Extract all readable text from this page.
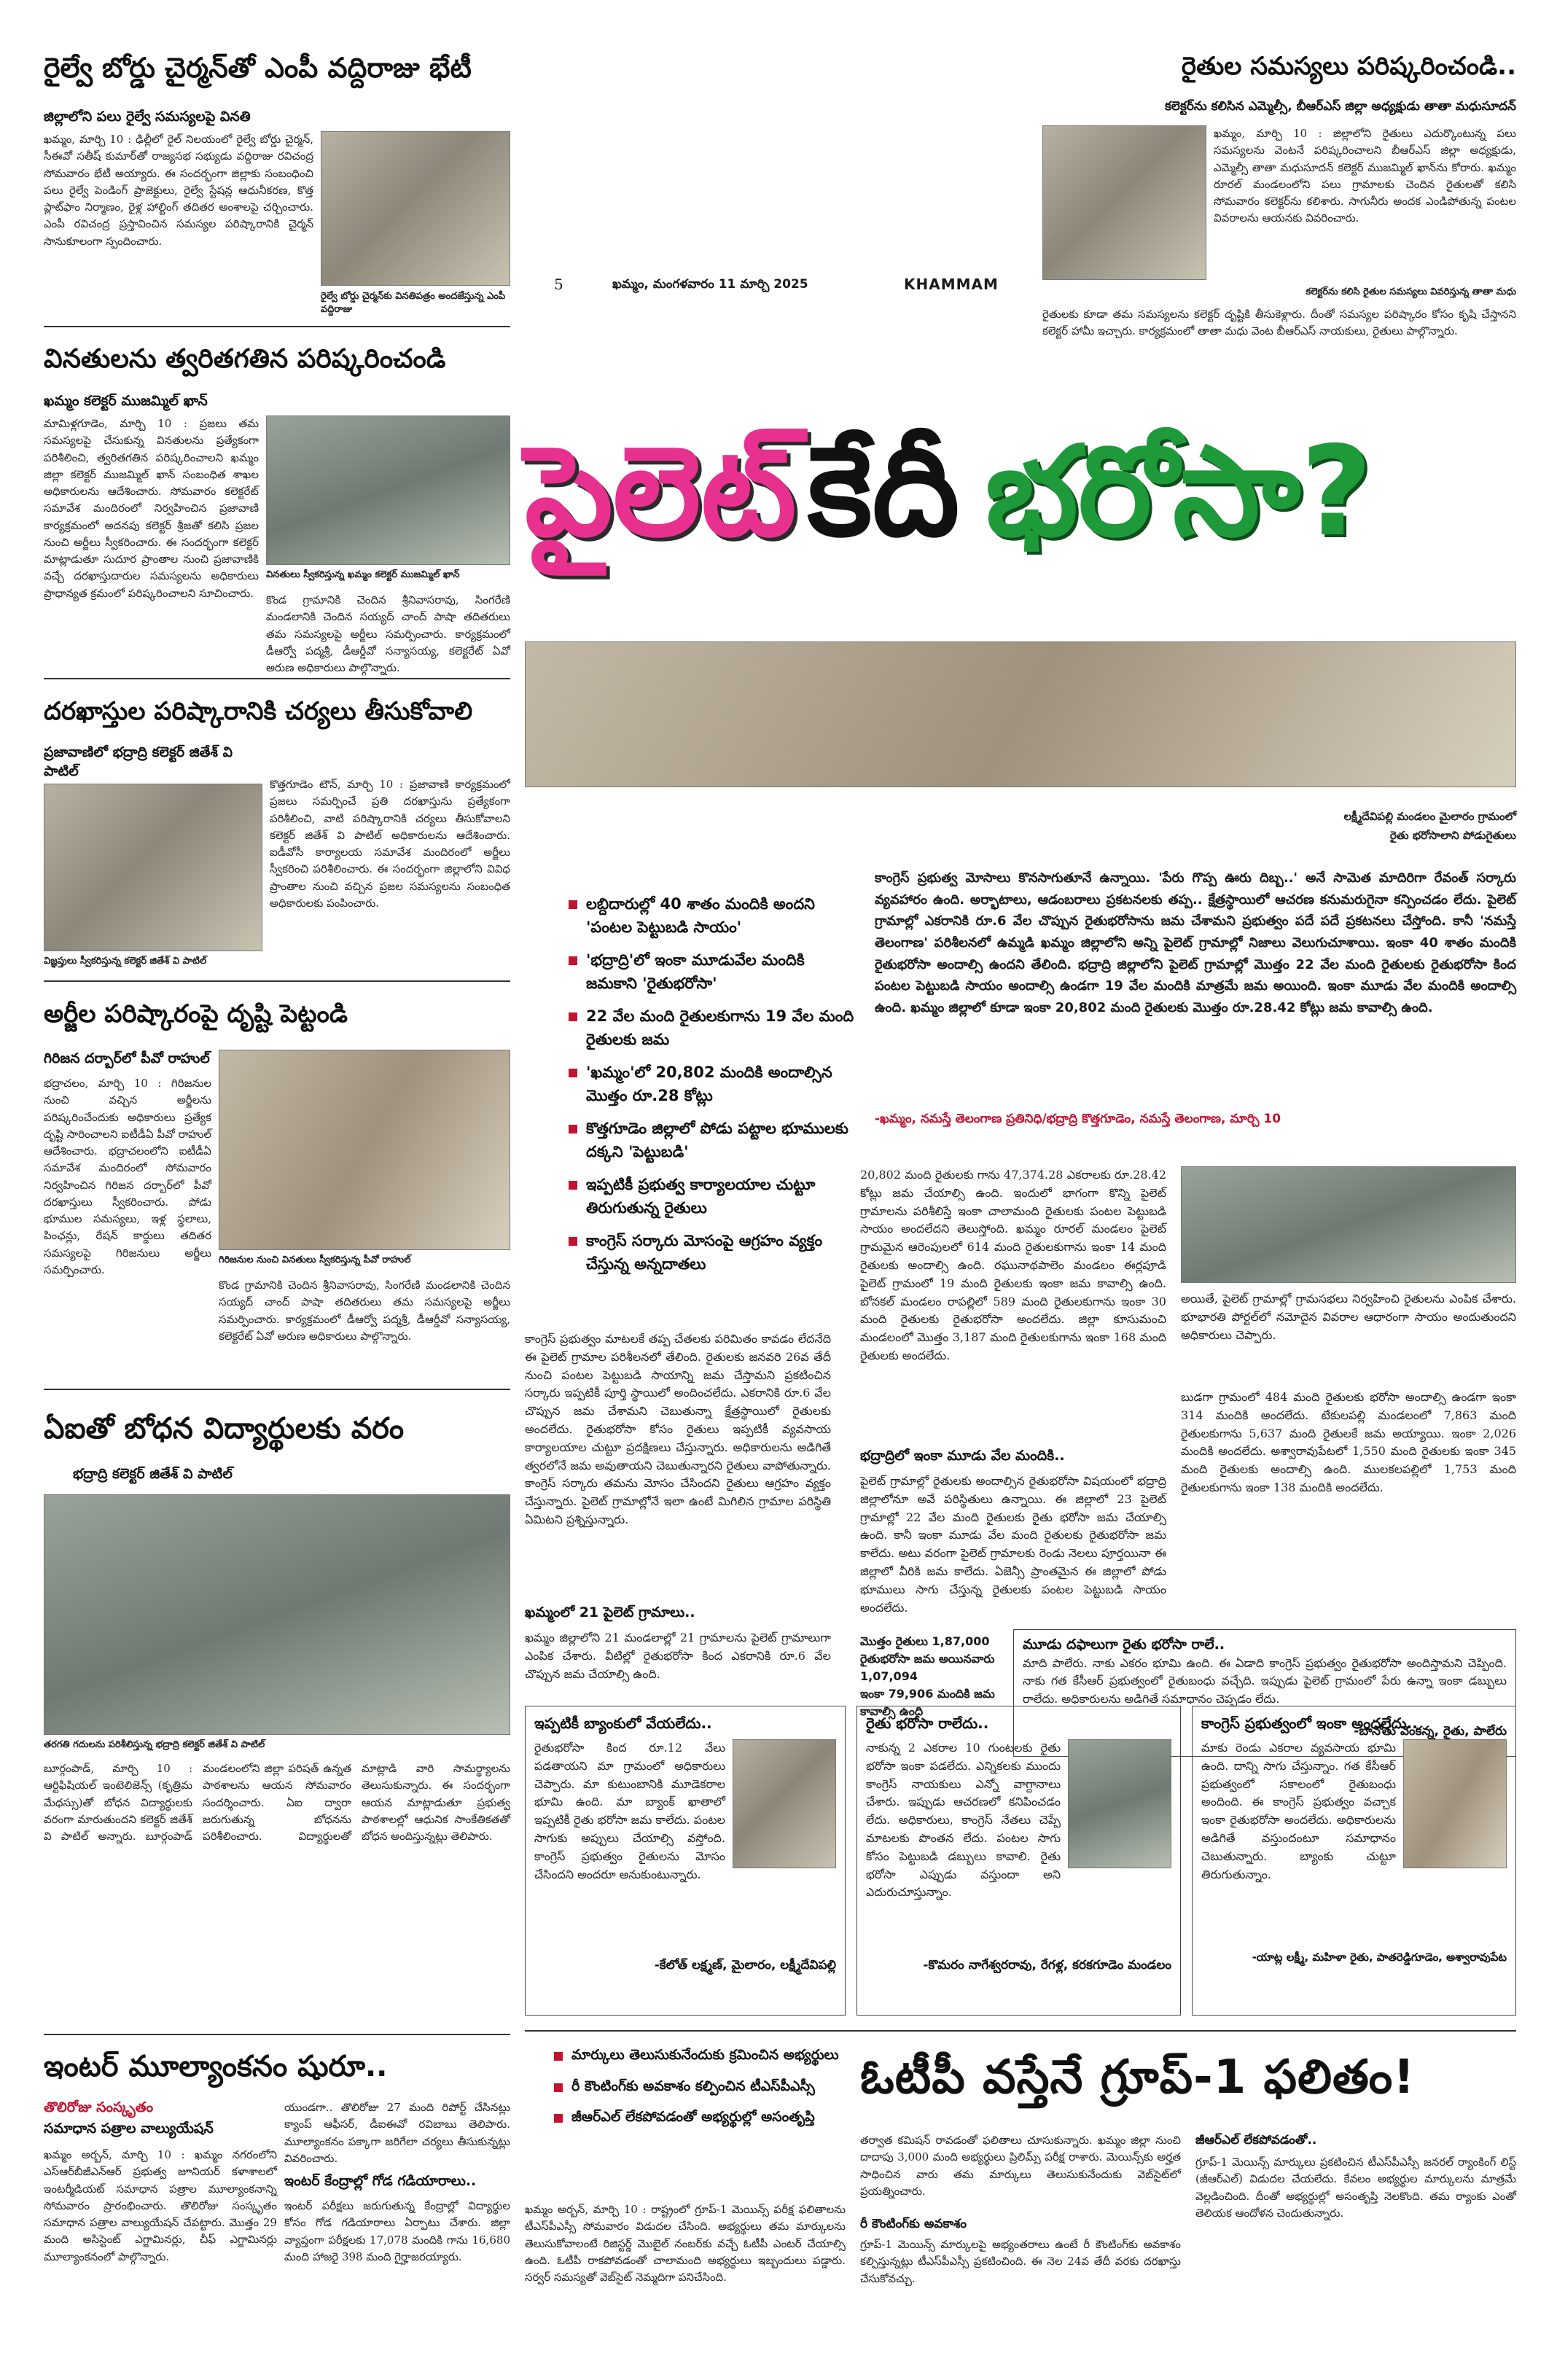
5	ఖమ్మం, మంగళవారం 11 మార్చి 2025	KHAMMAM
రైల్వే బోర్డు చైర్మన్‌తో ఎంపీ వద్దిరాజు భేటీ
జిల్లాలోని పలు రైల్వే సమస్యలపై వినతి
ఖమ్మం, మార్చి 10 : ఢిల్లీలో రైల్ నిలయంలో రైల్వే బోర్డు చైర్మన్, సీఈవో సతీష్ కుమార్‌తో రాజ్యసభ సభ్యుడు వద్దిరాజు రవిచంద్ర సోమవారం భేటీ అయ్యారు. ఈ సందర్భంగా జిల్లాకు సంబంధించి పలు రైల్వే పెండింగ్ ప్రాజెక్టులు, రైల్వే స్టేషన్ల ఆధునీకరణ, కొత్త ప్లాట్‌ఫాం నిర్మాణం, రైళ్ల హాల్టింగ్ తదితర అంశాలపై చర్చించారు. ఎంపీ రవిచంద్ర ప్రస్తావించిన సమస్యల పరిష్కారానికి చైర్మన్ సానుకూలంగా స్పందించారు.
రైల్వే బోర్డు చైర్మన్‌కు వినతిపత్రం అందజేస్తున్న ఎంపీ వద్దిరాజు
వినతులను త్వరితగతిన పరిష్కరించండి
ఖమ్మం కలెక్టర్ ముజమ్మిల్ ఖాన్
మామిళ్లగూడెం, మార్చి 10 : ప్రజలు తమ సమస్యలపై చేసుకున్న వినతులను ప్రత్యేకంగా పరిశీలించి, త్వరితగతిన పరిష్కరించాలని ఖమ్మం జిల్లా కలెక్టర్ ముజమ్మిల్ ఖాన్ సంబంధిత శాఖల అధికారులను ఆదేశించారు. సోమవారం కలెక్టరేట్ సమావేశ మందిరంలో నిర్వహించిన ప్రజావాణి కార్యక్రమంలో అదనపు కలెక్టర్ శ్రీజతో కలిసి ప్రజల నుంచి అర్జీలు స్వీకరించారు. ఈ సందర్భంగా కలెక్టర్ మాట్లాడుతూ సుదూర ప్రాంతాల నుంచి ప్రజావాణికి వచ్చే దరఖాస్తుదారుల సమస్యలను అధికారులు ప్రాధాన్యత క్రమంలో పరిష్కరించాలని సూచించారు.
వినతులు స్వీకరిస్తున్న ఖమ్మం కలెక్టర్ ముజమ్మిల్ ఖాన్
కొండ గ్రామానికి చెందిన శ్రీనివాసరావు, సింగరేణి మండలానికి చెందిన సయ్యద్ చాంద్ పాషా తదితరులు తమ సమస్యలపై అర్జీలు సమర్పించారు. కార్యక్రమంలో డీఆర్వో పద్మశ్రీ, డీఆర్డీవో సన్యాసయ్య, కలెక్టరేట్ ఏవో అరుణ అధికారులు పాల్గొన్నారు.
దరఖాస్తుల పరిష్కారానికి చర్యలు తీసుకోవాలి
ప్రజావాణిలో భద్రాద్రి కలెక్టర్ జితేశ్ వి పాటిల్
విజ్ఞప్తులు స్వీకరిస్తున్న కలెక్టర్ జితేశ్ వి పాటిల్
కొత్తగూడెం టౌన్, మార్చి 10 : ప్రజావాణి కార్యక్రమంలో ప్రజలు సమర్పించే ప్రతి దరఖాస్తును ప్రత్యేకంగా పరిశీలించి, వాటి పరిష్కారానికి చర్యలు తీసుకోవాలని కలెక్టర్ జితేశ్ వి పాటిల్ అధికారులను ఆదేశించారు. ఐడీవోసీ కార్యాలయ సమావేశ మందిరంలో అర్జీలు స్వీకరించి పరిశీలించారు. ఈ సందర్భంగా జిల్లాలోని వివిధ ప్రాంతాల నుంచి వచ్చిన ప్రజల సమస్యలను సంబంధిత అధికారులకు పంపించారు.
అర్జీల పరిష్కారంపై దృష్టి పెట్టండి
గిరిజన దర్బార్‌లో పీవో రాహుల్
భద్రాచలం, మార్చి 10 : గిరిజనుల నుంచి వచ్చిన అర్జీలను పరిష్కరించేందుకు అధికారులు ప్రత్యేక దృష్టి సారించాలని ఐటీడీఏ పీవో రాహుల్ ఆదేశించారు. భద్రాచలంలోని ఐటీడీఏ సమావేశ మందిరంలో సోమవారం నిర్వహించిన గిరిజన దర్బార్‌లో పీవో దరఖాస్తులు స్వీకరించారు. పోడు భూముల సమస్యలు, ఇళ్ల స్థలాలు, పింఛన్లు, రేషన్ కార్డులు తదితర సమస్యలపై గిరిజనులు అర్జీలు సమర్పించారు.
గిరిజనుల నుంచి వినతులు స్వీకరిస్తున్న పీవో రాహుల్
కొండ గ్రామానికి చెందిన శ్రీనివాసరావు, సింగరేణి మండలానికి చెందిన సయ్యద్ చాంద్ పాషా తదితరులు తమ సమస్యలపై అర్జీలు సమర్పించారు. కార్యక్రమంలో డీఆర్వో పద్మశ్రీ, డీఆర్డీవో సన్యాసయ్య, కలెక్టరేట్ ఏవో అరుణ అధికారులు పాల్గొన్నారు.
ఏఐతో బోధన విద్యార్థులకు వరం
భద్రాద్రి కలెక్టర్ జితేశ్ వి పాటిల్
తరగతి గదులను పరిశీలిస్తున్న భద్రాద్రి కలెక్టర్ జితేశ్ వి పాటిల్
బూర్గంపాడ్, మార్చి 10 : ఆర్టిఫిషియల్ ఇంటెలిజెన్స్ (కృత్రిమ మేధస్సు)తో బోధన విద్యార్థులకు వరంగా మారుతుందని కలెక్టర్ జితేశ్ వి పాటిల్ అన్నారు. బూర్గంపాడ్ మండలంలోని జిల్లా పరిషత్ ఉన్నత పాఠశాలను ఆయన సోమవారం సందర్శించారు. ఏఐ ద్వారా జరుగుతున్న బోధనను పరిశీలించారు. విద్యార్థులతో మాట్లాడి వారి సామర్థ్యాలను తెలుసుకున్నారు. ఈ సందర్భంగా ఆయన మాట్లాడుతూ ప్రభుత్వ పాఠశాలల్లో ఆధునిక సాంకేతికతతో బోధన అందిస్తున్నట్లు తెలిపారు.
ఇంటర్ మూల్యాంకనం షురూ..
తొలిరోజు సంస్కృతం
సమాధాన పత్రాల వాల్యుయేషన్
ఖమ్మం అర్బన్, మార్చి 10 : ఖమ్మం నగరంలోని ఎస్‌ఆర్‌బీజీఎన్ఆర్ ప్రభుత్వ జూనియర్ కళాశాలలో ఇంటర్మీడియట్ సమాధాన పత్రాల మూల్యాంకనాన్ని సోమవారం ప్రారంభించారు. తొలిరోజు సంస్కృతం సమాధాన పత్రాల వాల్యుయేషన్ చేపట్టారు. మొత్తం 29 మంది అసిస్టెంట్ ఎగ్జామినర్లు, చీఫ్ ఎగ్జామినర్లు మూల్యాంకనంలో పాల్గొన్నారు.
యుండగా.. తొలిరోజు 27 మంది రిపోర్ట్ చేసినట్లు క్యాంప్ ఆఫీసర్, డీఐఈవో రవిబాబు తెలిపారు. మూల్యాంకనం పక్కాగా జరిగేలా చర్యలు తీసుకున్నట్లు వివరించారు.
ఇంటర్ కేంద్రాల్లో గోడ గడియారాలు..
ఇంటర్ పరీక్షలు జరుగుతున్న కేంద్రాల్లో విద్యార్థుల కోసం గోడ గడియారాలు ఏర్పాటు చేశారు. జిల్లా వ్యాప్తంగా పరీక్షలకు 17,078 మందికి గాను 16,680 మంది హాజరై 398 మంది గైర్హాజరయ్యారు.
రైతుల సమస్యలు పరిష్కరించండి..
కలెక్టర్‌ను కలిసిన ఎమ్మెల్సీ, బీఆర్ఎస్ జిల్లా అధ్యక్షుడు తాతా మధుసూదన్
ఖమ్మం, మార్చి 10 : జిల్లాలోని రైతులు ఎదుర్కొంటున్న పలు సమస్యలను వెంటనే పరిష్కరించాలని బీఆర్ఎస్ జిల్లా అధ్యక్షుడు, ఎమ్మెల్సీ తాతా మధుసూదన్ కలెక్టర్ ముజమ్మిల్ ఖాన్‌ను కోరారు. ఖమ్మం రూరల్ మండలంలోని పలు గ్రామాలకు చెందిన రైతులతో కలిసి సోమవారం కలెక్టర్‌ను కలిశారు. సాగునీరు అందక ఎండిపోతున్న పంటల వివరాలను ఆయనకు వివరించారు.
కలెక్టర్‌ను కలిసి రైతుల సమస్యలు వివరిస్తున్న తాతా మధు
రైతులకు కూడా తమ సమస్యలను కలెక్టర్ దృష్టికి తీసుకెళ్లారు. దీంతో సమస్యల పరిష్కారం కోసం కృషి చేస్తానని కలెక్టర్ హామీ ఇచ్చారు. కార్యక్రమంలో తాతా మధు వెంట బీఆర్ఎస్ నాయకులు, రైతులు పాల్గొన్నారు.
పైలెట్ కేదీ భరోసా?
లక్ష్మీదేవిపల్లి మండలం మైలారం గ్రామంలో
రైతు భరోసాలాని పోడుగైతులు
లబ్దిదారుల్లో 40 శాతం మందికి అందని 'పంటల పెట్టుబడి సాయం'
'భద్రాద్రి'లో ఇంకా మూడువేల మందికి జమకాని 'రైతుభరోసా'
22 వేల మంది రైతులకుగాను 19 వేల మంది రైతులకు జమ
'ఖమ్మం'లో 20,802 మందికి అందాల్సిన మొత్తం రూ.28 కోట్లు
కొత్తగూడెం జిల్లాలో పోడు పట్టాల భూములకు దక్కని 'పెట్టుబడి'
ఇప్పటికీ ప్రభుత్వ కార్యాలయాల చుట్టూ తిరుగుతున్న రైతులు
కాంగ్రెస్ సర్కారు మోసంపై ఆగ్రహం వ్యక్తం చేస్తున్న అన్నదాతలు
కాంగ్రెస్ ప్రభుత్వ మోసాలు కొనసాగుతూనే ఉన్నాయి. 'పేరు గొప్ప ఊరు దిబ్బ..' అనే సామెత మాదిరిగా రేవంత్ సర్కారు వ్యవహారం ఉంది. అర్భాటాలు, ఆడంబరాలు ప్రకటనలకు తప్ప.. క్షేత్రస్థాయిలో ఆచరణ కనుమరుగైనా కన్పించడం లేదు. పైలెట్ గ్రామాల్లో ఎకరానికి రూ.6 వేల చొప్పున రైతుభరోసాను జమ చేశామని ప్రభుత్వం పదే పదే ప్రకటనలు చేస్తోంది. కానీ 'నమస్తే తెలంగాణ' పరిశీలనలో ఉమ్మడి ఖమ్మం జిల్లాలోని అన్ని పైలెట్ గ్రామాల్లో నిజాలు వెలుగుచూశాయి. ఇంకా 40 శాతం మందికి రైతుభరోసా అందాల్సి ఉందని తేలింది. భద్రాద్రి జిల్లాలోని పైలెట్ గ్రామాల్లో మొత్తం 22 వేల మంది రైతులకు రైతుభరోసా కింద పంటల పెట్టుబడి సాయం అందాల్సి ఉండగా 19 వేల మందికి మాత్రమే జమ అయింది. ఇంకా మూడు వేల మందికి అందాల్సి ఉంది. ఖమ్మం జిల్లాలో కూడా ఇంకా 20,802 మంది రైతులకు మొత్తం రూ.28.42 కోట్లు జమ కావాల్సి ఉంది.
-ఖమ్మం, నమస్తే తెలంగాణ ప్రతినిధి/భద్రాద్రి కొత్తగూడెం, నమస్తే తెలంగాణ, మార్చి 10
కాంగ్రెస్ ప్రభుత్వం మాటలకే తప్ప చేతలకు పరిమితం కావడం లేదనేది ఈ పైలెట్ గ్రామాల పరిశీలనలో తేలింది. రైతులకు జనవరి 26వ తేదీ నుంచి పంటల పెట్టుబడి సాయాన్ని జమ చేస్తామని ప్రకటించిన సర్కారు ఇప్పటికీ పూర్తి స్థాయిలో అందించలేదు. ఎకరానికి రూ.6 వేల చొప్పున జమ చేశామని చెబుతున్నా క్షేత్రస్థాయిలో రైతులకు అందలేదు. రైతుభరోసా కోసం రైతులు ఇప్పటికీ వ్యవసాయ కార్యాలయాల చుట్టూ ప్రదక్షిణలు చేస్తున్నారు. అధికారులను అడిగితే త్వరలోనే జమ అవుతాయని చెబుతున్నారని రైతులు వాపోతున్నారు. కాంగ్రెస్ సర్కారు తమను మోసం చేసిందని రైతులు ఆగ్రహం వ్యక్తం చేస్తున్నారు. పైలెట్ గ్రామాల్లోనే ఇలా ఉంటే మిగిలిన గ్రామాల పరిస్థితి ఏమిటని ప్రశ్నిస్తున్నారు.
ఖమ్మంలో 21 పైలెట్ గ్రామాలు..
ఖమ్మం జిల్లాలోని 21 మండలాల్లో 21 గ్రామాలను పైలెట్ గ్రామాలుగా ఎంపిక చేశారు. వీటిల్లో రైతుభరోసా కింద ఎకరానికి రూ.6 వేల చొప్పున జమ చేయాల్సి ఉంది.
20,802 మంది రైతులకు గాను 47,374.28 ఎకరాలకు రూ.28.42 కోట్లు జమ చేయాల్సి ఉంది. ఇందులో భాగంగా కొన్ని పైలెట్ గ్రామాలను పరిశీలిస్తే ఇంకా చాలామంది రైతులకు పంటల పెట్టుబడి సాయం అందలేదని తెలుస్తోంది. ఖమ్మం రూరల్ మండలం పైలెట్ గ్రామమైన ఆరెంపులలో 614 మంది రైతులకుగాను ఇంకా 14 మంది రైతులకు అందాల్సి ఉంది. రఘునాథపాలెం మండలం ఈర్లపూడి పైలెట్ గ్రామంలో 19 మంది రైతులకు ఇంకా జమ కావాల్సి ఉంది. బోనకల్ మండలం రాపల్లిలో 589 మంది రైతులకుగాను ఇంకా 30 మంది రైతులకు రైతుభరోసా అందలేదు. జిల్లా కూసుమంచి మండలంలో మొత్తం 3,187 మంది రైతులకుగాను ఇంకా 168 మంది రైతులకు అందలేదు.
భద్రాద్రిలో ఇంకా మూడు వేల మందికి..
పైలెట్ గ్రామాల్లో రైతులకు అందాల్సిన రైతుభరోసా విషయంలో భద్రాద్రి జిల్లాలోనూ అవే పరిస్థితులు ఉన్నాయి. ఈ జిల్లాలో 23 పైలెట్ గ్రామాల్లో 22 వేల మంది రైతులకు రైతు భరోసా జమ చేయాల్సి ఉంది. కానీ ఇంకా మూడు వేల మంది రైతులకు రైతుభరోసా జమ కాలేదు. అటు వరంగా పైలెట్ గ్రామాలకు రెండు నెలలు పూర్తయినా ఈ జిల్లాలో వీరికి జమ కాలేదు. ఏజెన్సీ ప్రాంతమైన ఈ జిల్లాలో పోడు భూములు సాగు చేస్తున్న రైతులకు పంటల పెట్టుబడి సాయం అందలేదు.
మొత్తం రైతులు 1,87,000
రైతుభరోసా జమ అయినవారు 1,07,094
ఇంకా 79,906 మందికి జమ కావాల్సి ఉంది
అయితే, పైలెట్ గ్రామాల్లో గ్రామసభలు నిర్వహించి రైతులను ఎంపిక చేశారు. భూభారతి పోర్టల్‌లో నమోదైన వివరాల ఆధారంగా సాయం అందుతుందని అధికారులు చెప్పారు.
బుడగా గ్రామంలో 484 మంది రైతులకు భరోసా అందాల్సి ఉండగా ఇంకా 314 మందికి అందలేదు. టేకులపల్లి మండలంలో 7,863 మంది రైతులకుగాను 5,637 మంది రైతులకే జమ అయ్యాయి. ఇంకా 2,026 మందికి అందలేదు. అశ్వారావుపేటలో 1,550 మంది రైతులకు ఇంకా 345 మంది రైతులకు అందాల్సి ఉంది. ములకలపల్లిలో 1,753 మంది రైతులకుగాను ఇంకా 138 మందికి అందలేదు.
మూడు దఫాలుగా రైతు భరోసా రాలే..
మాది పాలేరు. నాకు ఎకరం భూమి ఉంది. ఈ ఏడాది కాంగ్రెస్ ప్రభుత్వం రైతుభరోసా అందిస్తామని చెప్పింది. నాకు గత కేసీఆర్ ప్రభుత్వంలో రైతుబంధు వచ్చేది. ఇప్పుడు పైలెట్ గ్రామంలో పేరు ఉన్నా ఇంకా డబ్బులు రాలేదు. అధికారులను అడిగితే సమాధానం చెప్పడం లేదు.
-బానోతు వెంకన్న, రైతు, పాలేరు
ఇప్పటికీ బ్యాంకులో వేయలేదు..
రైతుభరోసా కింద రూ.12 వేలు పడతాయని మా గ్రామంలో అధికారులు చెప్పారు. మా కుటుంబానికి మూడెకరాల భూమి ఉంది. మా బ్యాంక్ ఖాతాలో ఇప్పటికీ రైతు భరోసా జమ కాలేదు. పంటల సాగుకు అప్పులు చేయాల్సి వస్తోంది. కాంగ్రెస్ ప్రభుత్వం రైతులను మోసం చేసిందని అందరూ అనుకుంటున్నారు.
-కేలోత్ లక్ష్మణ్, మైలారం, లక్ష్మీదేవిపల్లి
రైతు భరోసా రాలేదు..
నాకున్న 2 ఎకరాల 10 గుంటలకు రైతు భరోసా ఇంకా పడలేదు. ఎన్నికలకు ముందు కాంగ్రెస్ నాయకులు ఎన్నో వాగ్దానాలు చేశారు. ఇప్పుడు ఆచరణలో కనిపించడం లేదు. అధికారులు, కాంగ్రెస్ నేతలు చెప్పే మాటలకు పొంతన లేదు. పంటల సాగు కోసం పెట్టుబడి డబ్బులు కావాలి. రైతు భరోసా ఎప్పుడు వస్తుందా అని ఎదురుచూస్తున్నాం.
-కొమరం నాగేశ్వరరావు, రేగళ్ల, కరకగూడెం మండలం
కాంగ్రెస్ ప్రభుత్వంలో ఇంకా అందలేదు..
మాకు రెండు ఎకరాల వ్యవసాయ భూమి ఉంది. దాన్ని సాగు చేస్తున్నాం. గత కేసీఆర్ ప్రభుత్వంలో సకాలంలో రైతుబంధు అందింది. ఈ కాంగ్రెస్ ప్రభుత్వం వచ్చాక ఇంకా రైతుభరోసా అందలేదు. అధికారులను అడిగితే వస్తుందంటూ సమాధానం చెబుతున్నారు. బ్యాంకు చుట్టూ తిరుగుతున్నాం.
-యాట్ల లక్ష్మీ, మహిళా రైతు, పాతరెడ్డిగూడెం, అశ్వారావుపేట
మార్కులు తెలుసుకునేందుకు క్రమించిన అభ్యర్థులు
రీ కౌంటింగ్‌కు అవకాశం కల్పించిన టీఎస్‌పీఎస్సీ
జీఆర్ఎల్ లేకపోవడంతో అభ్యర్థుల్లో అసంతృప్తి
ఓటీపీ వస్తేనే గ్రూప్-1 ఫలితం!
తర్వాత కమిషన్ రావడంతో ఫలితాలు చూసుకున్నారు. ఖమ్మం జిల్లా నుంచి దాదాపు 3,000 మంది అభ్యర్థులు ప్రిలిమ్స్ పరీక్ష రాశారు. మెయిన్స్‌కు అర్హత సాధించిన వారు తమ మార్కులు తెలుసుకునేందుకు వెబ్‌సైట్‌లో ప్రయత్నించారు.
రీ కౌంటింగ్‌కు అవకాశం
గ్రూప్-1 మెయిన్స్ మార్కులపై అభ్యంతరాలు ఉంటే రీ కౌంటింగ్‌కు అవకాశం కల్పిస్తున్నట్లు టీఎస్‌పీఎస్సీ ప్రకటించింది. ఈ నెల 24వ తేదీ వరకు దరఖాస్తు చేసుకోవచ్చు.
జీఆర్ఎల్ లేకపోవడంతో..
గ్రూప్-1 మెయిన్స్ మార్కులు ప్రకటించిన టీఎస్‌పీఎస్సీ జనరల్ ర్యాంకింగ్ లిస్ట్ (జీఆర్ఎల్) విడుదల చేయలేదు. కేవలం అభ్యర్థుల మార్కులను మాత్రమే వెల్లడించింది. దీంతో అభ్యర్థుల్లో అసంతృప్తి నెలకొంది. తమ ర్యాంకు ఎంతో తెలియక ఆందోళన చెందుతున్నారు.
ఖమ్మం అర్బన్, మార్చి 10 : రాష్ట్రంలో గ్రూప్-1 మెయిన్స్ పరీక్ష ఫలితాలను టీఎస్‌పీఎస్సీ సోమవారం విడుదల చేసింది. అభ్యర్థులు తమ మార్కులను తెలుసుకోవాలంటే రిజిస్టర్డ్ మొబైల్ నంబర్‌కు వచ్చే ఓటీపీ ఎంటర్ చేయాల్సి ఉంది. ఓటీపీ రాకపోవడంతో చాలామంది అభ్యర్థులు ఇబ్బందులు పడ్డారు. సర్వర్ సమస్యతో వెబ్‌సైట్ నెమ్మదిగా పనిచేసింది.
